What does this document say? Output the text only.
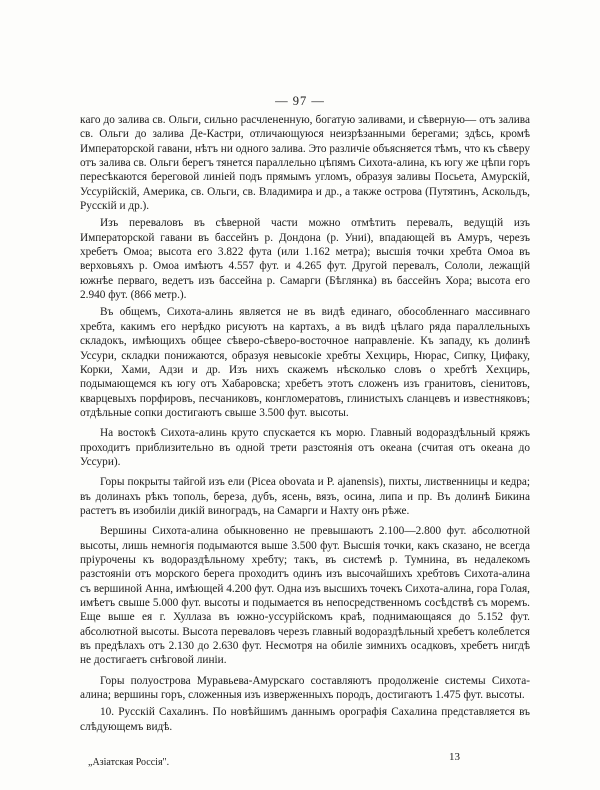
— 97 —

кaго до залива св. Ольги, сильно расчлененную, богатую заливами, и сѣверную— отъ залива св. Ольги до залива Де-Кастри, отличающуюся неизрѣзанными берегами; здѣсь, кромѣ Императорской гавани, нѣтъ ни одного залива. Это различіе объясняется тѣмъ, что къ сѣверу отъ залива св. Ольги берегъ тянется параллельно цѣпямъ Сихота-алина, къ югу же цѣпи горъ пересѣкаются береговой линіей подъ прямымъ угломъ, образуя заливы Посьета, Амурскій, Уссурійскій, Америка, св. Ольги, св. Владимира и др., а также острова (Путятинъ, Аскольдъ, Русскій и др.).

Изъ переваловъ въ сѣверной части можно отмѣтить перевалъ, ведущій изъ Императорской гавани въ бассейнъ р. Дондона (р. Униі), впадающей въ Амуръ, черезъ хребетъ Омоа; высота его 3.822 фута (или 1.162 метра); высшія точки хребта Омоа въ верховьяхъ р. Омоа имѣютъ 4.557 фут. и 4.265 фут. Другой перевалъ, Сололи, лежащій южнѣе перваго, ведетъ изъ бассейна р. Самарги (Бѣглянка) въ бассейнъ Хора; высота его 2.940 фут. (866 метр.).

Въ общемъ, Сихота-алинь является не въ видѣ единаго, обособленнаго массивнаго хребта, какимъ его нерѣдко рисуютъ на картахъ, а въ видѣ цѣлаго ряда параллельныхъ складокъ, имѣющихъ общее сѣверо-сѣверо-восточное направленіе. Къ западу, къ долинѣ Уссури, складки понижаются, образуя невысокіе хребты Хехцирь, Нюрас, Сипку, Цифаку, Корки, Хами, Адзи и др. Изъ нихъ скажемъ нѣсколько словъ о хребтѣ Хехцирь, подымающемся къ югу отъ Хабаровска; хребетъ этотъ сложенъ изъ гранитовъ, сіенитовъ, кварцевыхъ порфировъ, песчаниковъ, конгломератовъ, глинистыхъ сланцевъ и известняковъ; отдѣльные сопки достигаютъ свыше 3.500 фут. высоты.

На востокѣ Сихота-алинь круто спускается къ морю. Главный водораздѣльный кряжъ проходитъ приблизительно въ одной трети разстоянія отъ океана (считая отъ океана до Уссури).

Горы покрыты тайгой изъ ели (Picea obovata и P. ajanensis), пихты, лиственницы и кедра; въ долинахъ рѣкъ тополь, береза, дубъ, ясень, вязъ, осина, липа и пр. Въ долинѣ Бикина растетъ въ изобиліи дикій виноградъ, на Самарги и Нахту онъ рѣже.

Вершины Сихота-алина обыкновенно не превышаютъ 2.100—2.800 фут. абсолютной высоты, лишь немногія подымаются выше 3.500 фут. Высшія точки, какъ сказано, не всегда пріурочены къ водораздѣльному хребту; такъ, въ системѣ р. Тумнина, въ недалекомъ разстояніи отъ морского берега проходитъ одинъ изъ высочайшихъ хребтовъ Сихота-алина съ вершиной Анна, имѣющей 4.200 фут. Одна изъ высшихъ точекъ Сихота-алина, гора Голая, имѣетъ свыше 5.000 фут. высоты и подымается въ непосредственномъ сосѣдствѣ съ моремъ. Еще выше ея г. Хуллаза въ южно-уссурійскомъ краѣ, поднимающаяся до 5.152 фут. абсолютной высоты. Высота переваловъ черезъ главный водораздѣльный хребетъ колеблется въ предѣлахъ отъ 2.130 до 2.630 фут. Несмотря на обиліе зимнихъ осадковъ, хребетъ нигдѣ не достигаетъ снѣговой линіи.

Горы полуострова Муравьева-Амурскаго составляютъ продолженіе системы Сихота-алина; вершины горъ, сложенныя изъ изверженныхъ породъ, достигаютъ 1.475 фут. высоты.

10. Русскій Сахалинъ. По новѣйшимъ даннымъ орографія Сахалина представляется въ слѣдующемъ видѣ.

„Азіатская Россія".	13
